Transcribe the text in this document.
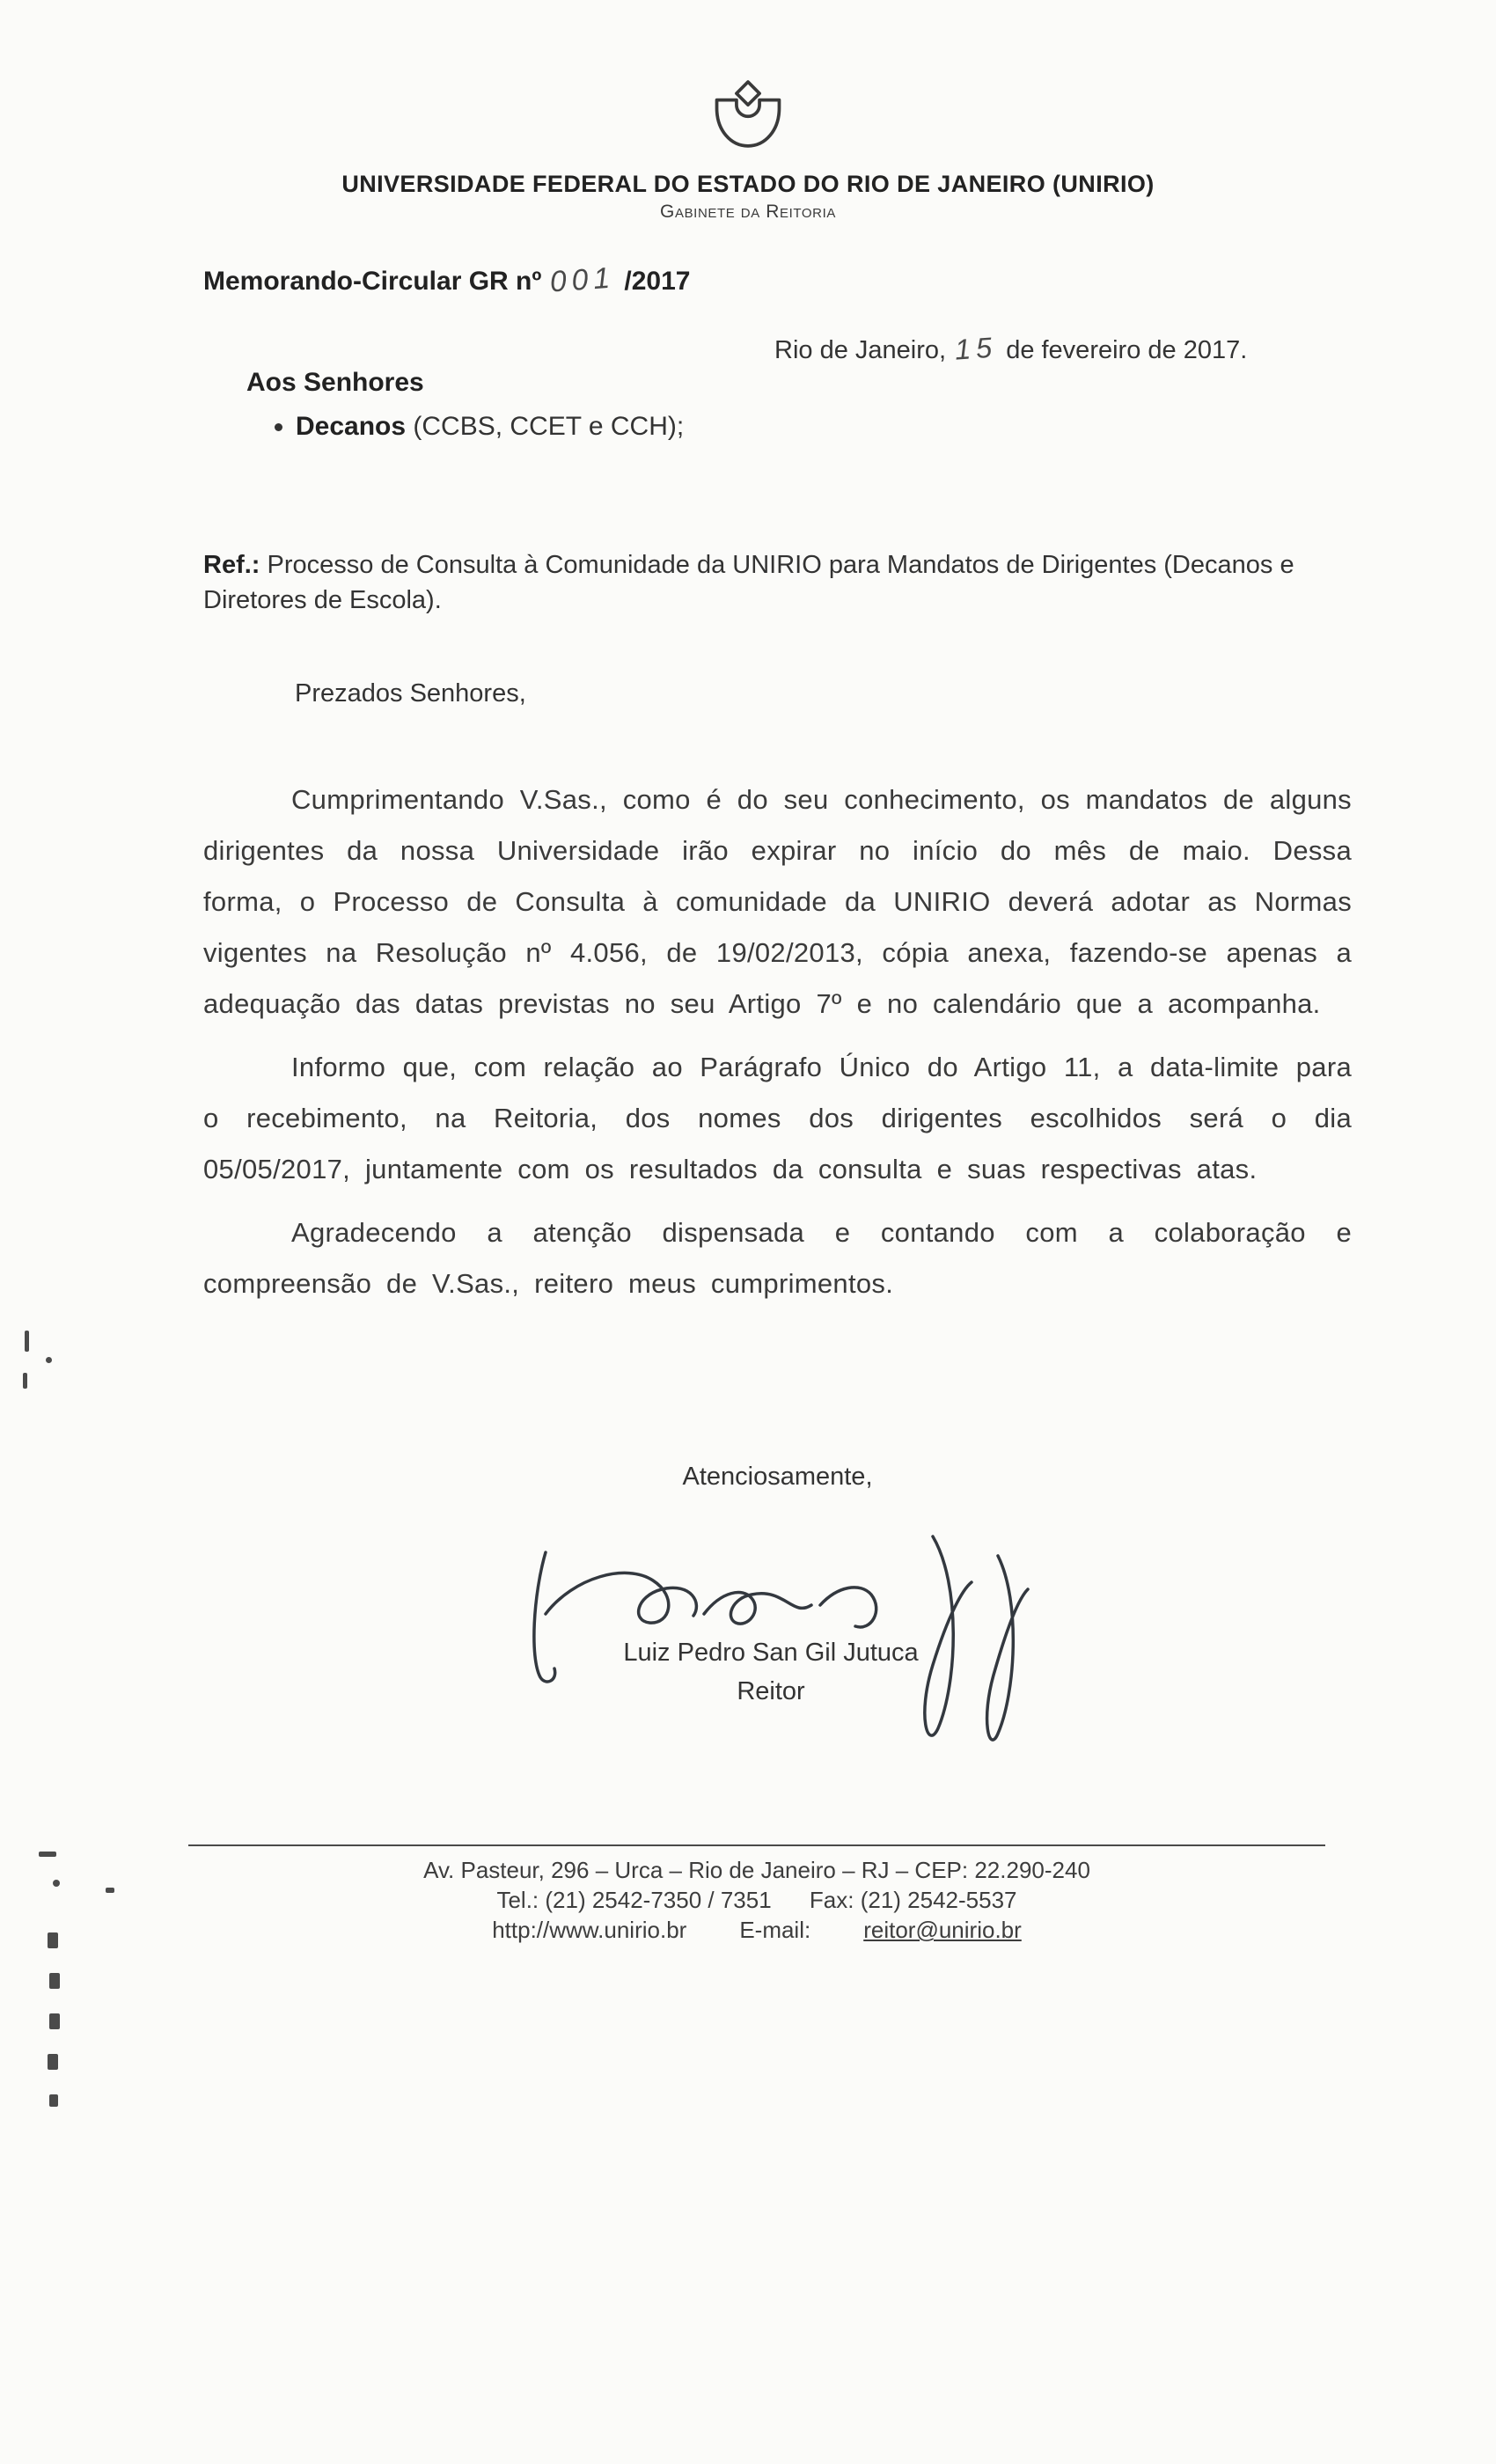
UNIVERSIDADE FEDERAL DO ESTADO DO RIO DE JANEIRO (UNIRIO)
Gabinete da Reitoria
Memorando-Circular GR nº 001 /2017
Rio de Janeiro, 15 de fevereiro de 2017.
Aos Senhores
• Decanos (CCBS, CCET e CCH);

Ref.: Processo de Consulta à Comunidade da UNIRIO para Mandatos de Dirigentes (Decanos e Diretores de Escola).

Prezados Senhores,

Cumprimentando V.Sas., como é do seu conhecimento, os mandatos de alguns dirigentes da nossa Universidade irão expirar no início do mês de maio. Dessa forma, o Processo de Consulta à comunidade da UNIRIO deverá adotar as Normas vigentes na Resolução nº 4.056, de 19/02/2013, cópia anexa, fazendo-se apenas a adequação das datas previstas no seu Artigo 7º e no calendário que a acompanha.

Informo que, com relação ao Parágrafo Único do Artigo 11, a data-limite para o recebimento, na Reitoria, dos nomes dos dirigentes escolhidos será o dia 05/05/2017, juntamente com os resultados da consulta e suas respectivas atas.

Agradecendo a atenção dispensada e contando com a colaboração e compreensão de V.Sas., reitero meus cumprimentos.

Atenciosamente,
Luiz Pedro San Gil Jutuca
Reitor
Av. Pasteur, 296 – Urca – Rio de Janeiro – RJ – CEP: 22.290-240
Tel.: (21) 2542-7350 / 7351 Fax: (21) 2542-5537
http://www.unirio.br E-mail: reitor@unirio.br
